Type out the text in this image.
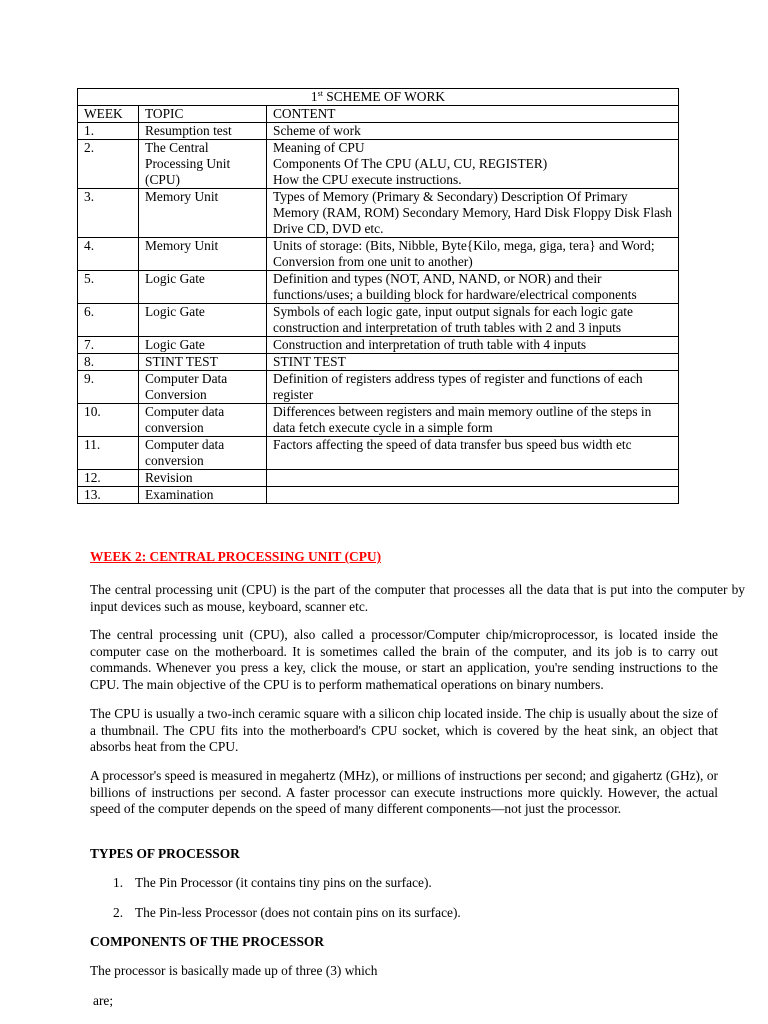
1st SCHEME OF WORK		
WEEK	TOPIC	CONTENT
1.	Resumption test	Scheme of work
2.	The Central Processing Unit (CPU)	Meaning of CPU
Components Of The CPU (ALU, CU, REGISTER)
How the CPU execute instructions.
3.	Memory Unit	Types of Memory (Primary & Secondary) Description Of Primary Memory (RAM, ROM) Secondary Memory, Hard Disk Floppy Disk Flash Drive CD, DVD etc.
4.	Memory Unit	Units of storage: (Bits, Nibble, Byte{Kilo, mega, giga, tera} and Word; Conversion from one unit to another)
5.	Logic Gate	Definition and types (NOT, AND, NAND, or NOR) and their functions/uses; a building block for hardware/electrical components
6.	Logic Gate	Symbols of each logic gate, input output signals for each logic gate construction and interpretation of truth tables with 2 and 3 inputs
7.	Logic Gate	Construction and interpretation of truth table with 4 inputs
8.	STINT TEST	STINT TEST
9.	Computer Data Conversion	Definition of registers address types of register and functions of each register
10.	Computer data conversion	Differences between registers and main memory outline of the steps in data fetch execute cycle in a simple form
11.	Computer data conversion	Factors affecting the speed of data transfer bus speed bus width etc
12.	Revision	
13.	Examination	
WEEK 2: CENTRAL PROCESSING UNIT (CPU)

The central processing unit (CPU) is the part of the computer that processes all the data that is put into the computer by input devices such as mouse, keyboard, scanner etc.

The central processing unit (CPU), also called a processor/Computer chip/microprocessor, is located inside the computer case on the motherboard. It is sometimes called the brain of the computer, and its job is to carry out commands. Whenever you press a key, click the mouse, or start an application, you're sending instructions to the CPU. The main objective of the CPU is to perform mathematical operations on binary numbers.

The CPU is usually a two-inch ceramic square with a silicon chip located inside. The chip is usually about the size of a thumbnail. The CPU fits into the motherboard's CPU socket, which is covered by the heat sink, an object that absorbs heat from the CPU.

A processor's speed is measured in megahertz (MHz), or millions of instructions per second; and gigahertz (GHz), or billions of instructions per second. A faster processor can execute instructions more quickly. However, the actual speed of the computer depends on the speed of many different components—not just the processor.

TYPES OF PROCESSOR
1. The Pin Processor (it contains tiny pins on the surface).
2. The Pin-less Processor (does not contain pins on its surface).
COMPONENTS OF THE PROCESSOR
The processor is basically made up of three (3) which
are;
